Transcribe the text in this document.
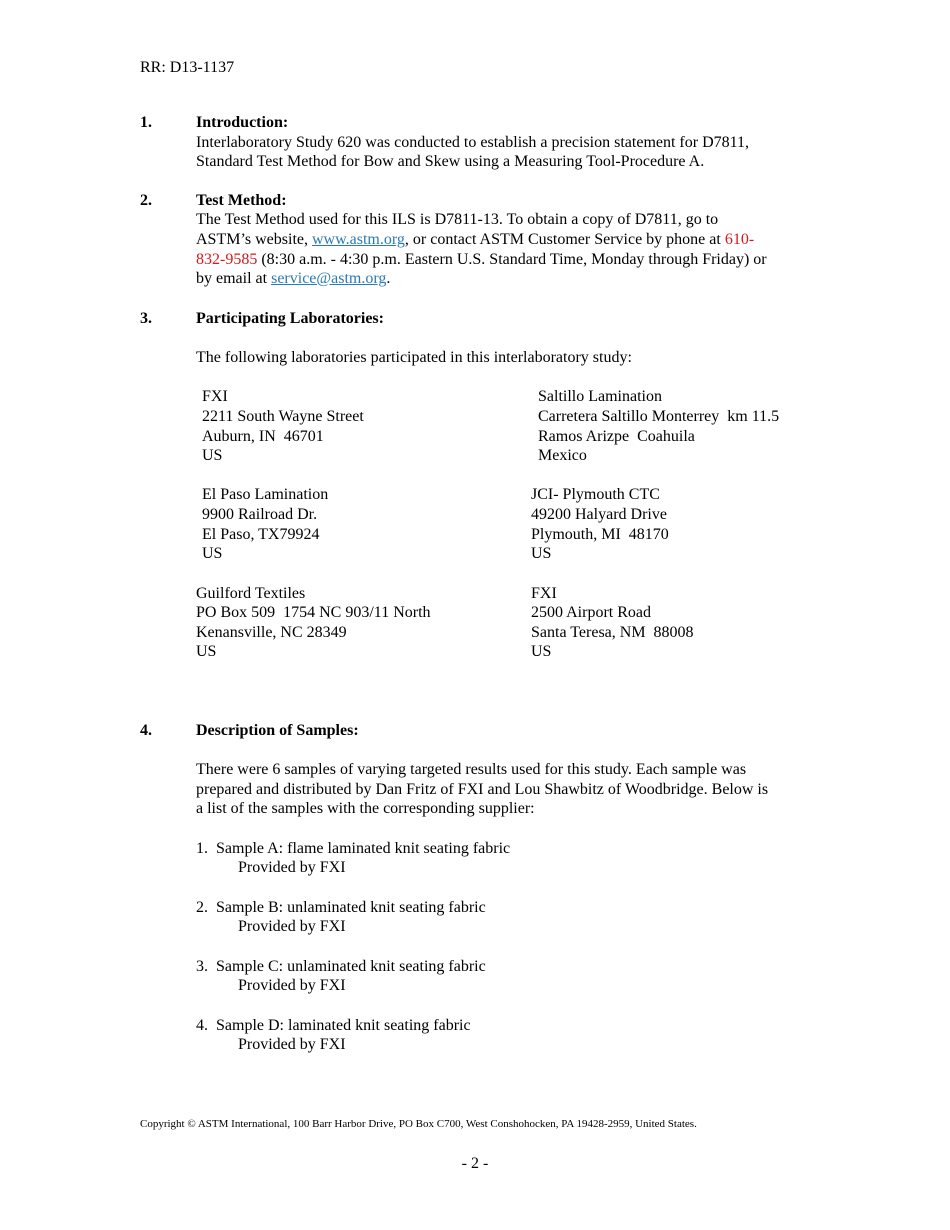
RR: D13-1137
1.	Introduction:
Interlaboratory Study 620 was conducted to establish a precision statement for D7811,
Standard Test Method for Bow and Skew using a Measuring Tool-Procedure A.
2.	Test Method:
The Test Method used for this ILS is D7811-13. To obtain a copy of D7811, go to
ASTM’s website, www.astm.org, or contact ASTM Customer Service by phone at 610-
832-9585 (8:30 a.m. - 4:30 p.m. Eastern U.S. Standard Time, Monday through Friday) or
by email at service@astm.org.
3.	Participating Laboratories:
The following laboratories participated in this interlaboratory study:
FXI
2211 South Wayne Street
Auburn, IN  46701
US
Saltillo Lamination
Carretera Saltillo Monterrey  km 11.5
Ramos Arizpe  Coahuila
Mexico
El Paso Lamination
9900 Railroad Dr.
El Paso, TX79924
US
JCI- Plymouth CTC
49200 Halyard Drive
Plymouth, MI  48170
US
Guilford Textiles
PO Box 509  1754 NC 903/11 North
Kenansville, NC 28349
US
FXI
2500 Airport Road
Santa Teresa, NM  88008
US
4.	Description of Samples:
There were 6 samples of varying targeted results used for this study. Each sample was
prepared and distributed by Dan Fritz of FXI and Lou Shawbitz of Woodbridge. Below is
a list of the samples with the corresponding supplier:
1.  Sample A: flame laminated knit seating fabric
Provided by FXI
2.  Sample B: unlaminated knit seating fabric
Provided by FXI
3.  Sample C: unlaminated knit seating fabric
Provided by FXI
4.  Sample D: laminated knit seating fabric
Provided by FXI
Copyright © ASTM International, 100 Barr Harbor Drive, PO Box C700, West Conshohocken, PA 19428-2959, United States.
- 2 -
